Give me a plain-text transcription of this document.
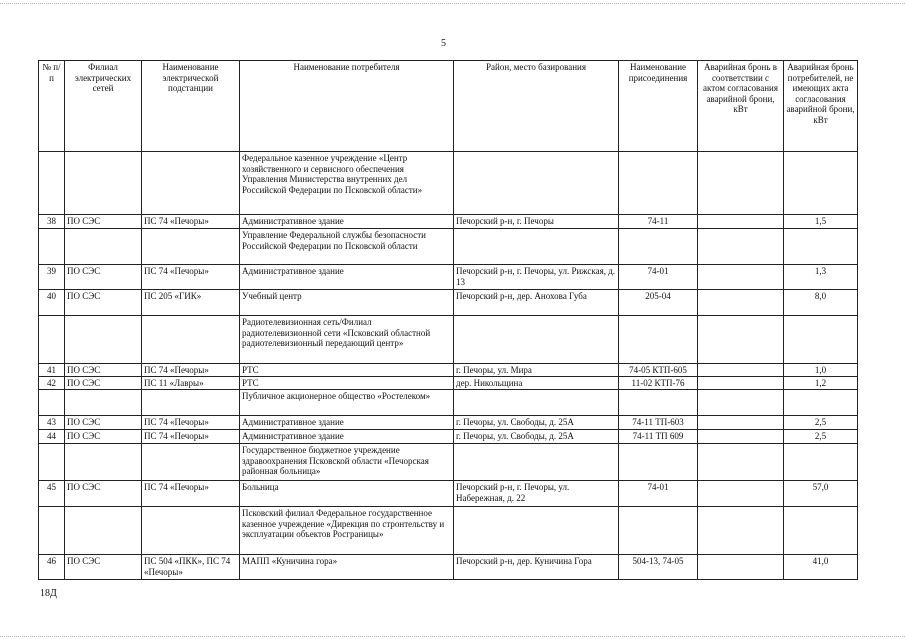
5
№ п/п	Филиал электрических сетей	Наименование электрической подстанции	Наименование потребителя	Район, место базирования	Наименование присоединения	Аварийная бронь в соответствии с актом согласования аварийной брони, кВт	Аварийная бронь потребителей, не имеющих акта согласования аварийной брони, кВт
			Федеральное казенное учреждение «Центр хозяйственного и сервисного обеспечения Управления Министерства внутренних дел Российской Федерации по Псковской области»				
38	ПО СЭС	ПС 74 «Печоры»	Административное здание	Печорский р-н, г. Печоры	74-11		1,5
			Управление Федеральной службы безопасности Российской Федерации по Псковской области				
39	ПО СЭС	ПС 74 «Печоры»	Административное здание	Печорский р-н, г. Печоры, ул. Рижская, д. 13	74-01		1,3
40	ПО СЭС	ПС 205 «ГИК»	Учебный центр	Печорский р-н, дер. Анохова Губа	205-04		8,0
			Радиотелевизионная сеть/Филиал радиотелевизионной сети «Псковский областной радиотелевизионный передающий центр»				
41	ПО СЭС	ПС 74 «Печоры»	РТС	г. Печоры, ул. Мира	74-05 КТП-605		1,0
42	ПО СЭС	ПС 11 «Лавры»	РТС	дер. Никольщина	11-02 КТП-76		1,2
			Публичное акционерное общество «Ростелеком»				
43	ПО СЭС	ПС 74 «Печоры»	Административное здание	г. Печоры, ул. Свободы, д. 25А	74-11 ТП-603		2,5
44	ПО СЭС	ПС 74 «Печоры»	Административное здание	г. Печоры, ул. Свободы, д. 25А	74-11 ТП 609		2,5
			Государственное бюджетное учреждение здравоохранения Псковской области «Печорская районная больница»				
45	ПО СЭС	ПС 74 «Печоры»	Больница	Печорский р-н, г. Печоры, ул. Набережная, д. 22	74-01		57,0
			Псковский филиал Федеральное государственное казенное учреждение «Дирекция по стронтельству и эксплуатации объектов Росграницы»				
46	ПО СЭС	ПС 504 «ПКК», ПС 74 «Печоры»	МАПП «Куничина гора»	Печорский р-н, дер. Куничина Гора	504-13, 74-05		41,0
18Д
